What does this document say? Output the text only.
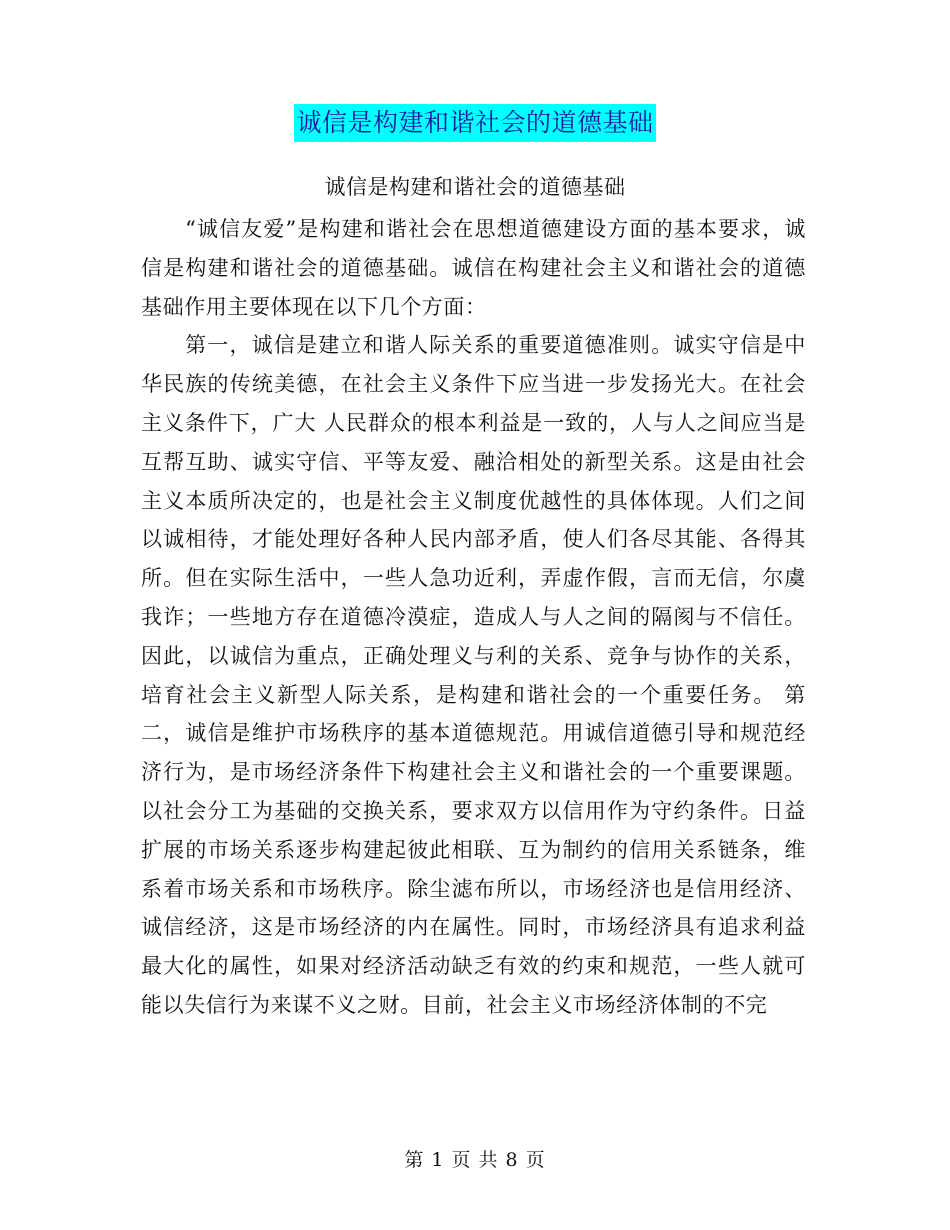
诚信是构建和谐社会的道德基础
诚信是构建和谐社会的道德基础

“诚信友爱”是构建和谐社会在思想道德建设方面的基本要求，诚信是构建和谐社会的道德基础。诚信在构建社会主义和谐社会的道德基础作用主要体现在以下几个方面：

第一，诚信是建立和谐人际关系的重要道德准则。诚实守信是中华民族的传统美德，在社会主义条件下应当进一步发扬光大。在社会主义条件下，广大 人民群众的根本利益是一致的，人与人之间应当是互帮互助、诚实守信、平等友爱、融洽相处的新型关系。这是由社会主义本质所决定的，也是社会主义制度优越性的具体体现。人们之间以诚相待，才能处理好各种人民内部矛盾，使人们各尽其能、各得其所。但在实际生活中，一些人急功近利，弄虚作假，言而无信，尔虞我诈；一些地方存在道德冷漠症，造成人与人之间的隔阂与不信任。因此，以诚信为重点，正确处理义与利的关系、竞争与协作的关系，培育社会主义新型人际关系，是构建和谐社会的一个重要任务。 第二，诚信是维护市场秩序的基本道德规范。用诚信道德引导和规范经济行为，是市场经济条件下构建社会主义和谐社会的一个重要课题。以社会分工为基础的交换关系，要求双方以信用作为守约条件。日益扩展的市场关系逐步构建起彼此相联、互为制约的信用关系链条，维系着市场关系和市场秩序。除尘滤布所以，市场经济也是信用经济、诚信经济，这是市场经济的内在属性。同时，市场经济具有追求利益最大化的属性，如果对经济活动缺乏有效的约束和规范，一些人就可能以失信行为来谋不义之财。目前，社会主义市场经济体制的不完

第 1 页 共 8 页
